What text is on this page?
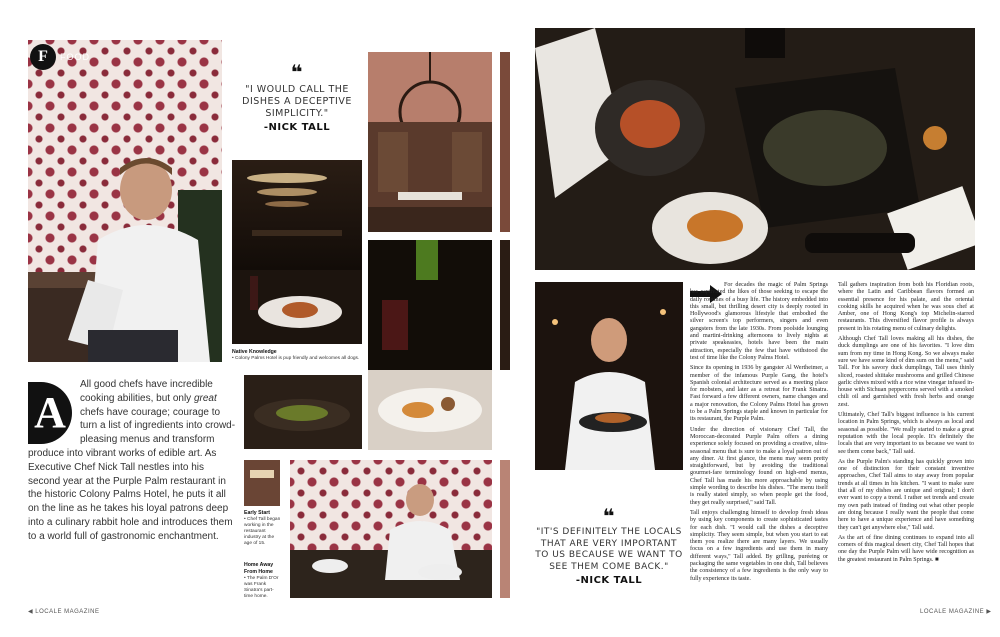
F	FOOD
❝
"I WOULD CALL THE DISHES A DECEPTIVE SIMPLICITY."
-NICK TALL
Native Knowledge
• Colony Palms Hotel is pup friendly and welcomes all dogs.
A
All good chefs have incredible cooking abilities, but only great chefs have courage; courage to turn a list of ingredients into crowd-pleasing menus and transform produce into vibrant works of edible art. As Executive Chef Nick Tall nestles into his second year at the Purple Palm restaurant in the historic Colony Palms Hotel, he puts it all on the line as he takes his loyal patrons deep into a culinary rabbit hole and introduces them to a world full of gastronomic enchantment.
Early Start
• Chef Tall began working in the restaurant industry at the age of 15.
Home Away From Home
• The Palm D'Or was Frank Sinatra's part-time home.
◀ LOCALE MAGAZINE
❝
"IT'S DEFINITELY THE LOCALS THAT ARE VERY IMPORTANT TO US BECAUSE WE WANT TO SEE THEM COME BACK."
-NICK TALL

For decades the magic of Palm Springs has captivated the likes of those seeking to escape the daily routines of a busy life. The history embedded into this small, but thrilling desert city is deeply rooted in Hollywood's glamorous lifestyle that embodied the silver screen's top performers, singers and even gangsters from the late 1930s. From poolside lounging and martini-drinking afternoons to lively nights at private speakeasies, hotels have been the main attraction, especially the few that have withstood the test of time like the Colony Palms Hotel.

Since its opening in 1936 by gangster Al Wertheimer, a member of the infamous Purple Gang, the hotel's Spanish colonial architecture served as a meeting place for mobsters, and later as a retreat for Frank Sinatra. Fast forward a few different owners, name changes and a major renovation, the Colony Palms Hotel has grown to be a Palm Springs staple and known in particular for its restaurant, the Purple Palm.

Under the direction of visionary Chef Tall, the Moroccan-decorated Purple Palm offers a dining experience solely focused on providing a creative, ultra-seasonal menu that is sure to make a loyal patron out of any diner. At first glance, the menu may seem pretty straightforward, but by avoiding the traditional gourmet-fare terminology found on high-end menus, Chef Tall has made his more approachable by using simple wording to describe his dishes. "The menu itself is really stated simply, so when people get the food, they get really surprised," said Tall.

Tall enjoys challenging himself to develop fresh ideas by using key components to create sophisticated tastes for each dish. "I would call the dishes a deceptive simplicity. They seem simple, but when you start to eat them you realize there are many layers. We usually focus on a few ingredients and use them in many different ways," Tall added. By grilling, puréeing or packaging the same vegetables in one dish, Tall believes the consistency of a few ingredients is the only way to fully experience its taste.

Tall gathers inspiration from both his Floridian roots, where the Latin and Caribbean flavors formed an essential presence for his palate, and the oriental cooking skills he acquired when he was sous chef at Amber, one of Hong Kong's top Michelin-starred restaurants. This diversified flavor profile is always present in his rotating menu of culinary delights.

Although Chef Tall loves making all his dishes, the duck dumplings are one of his favorites. "I love dim sum from my time in Hong Kong. So we always make sure we have some kind of dim sum on the menu," said Tall. For his savory duck dumplings, Tall uses thinly sliced, roasted shiitake mushrooms and grilled Chinese garlic chives mixed with a rice wine vinegar infused in-house with Sichuan peppercorns served with a smoked chili oil and garnished with fresh herbs and orange zest.

Ultimately, Chef Tall's biggest influence is his current location in Palm Springs, which is always as local and seasonal as possible. "We really started to make a great reputation with the local people. It's definitely the locals that are very important to us because we want to see them come back," Tall said.

As the Purple Palm's standing has quickly grown into one of distinction for their constant inventive approaches, Chef Tall aims to stay away from popular trends at all times in his kitchen. "I want to make sure that all of my dishes are unique and original; I don't ever want to copy a trend. I rather set trends and create my own path instead of finding out what other people are doing because I really want the people that come here to have a unique experience and have something they can't get anywhere else," Tall said.

As the art of fine dining continues to expand into all corners of this magical desert city, Chef Tall hopes that one day the Purple Palm will have wide recognition as the greatest restaurant in Palm Springs. ■

LOCALE MAGAZINE ▶
